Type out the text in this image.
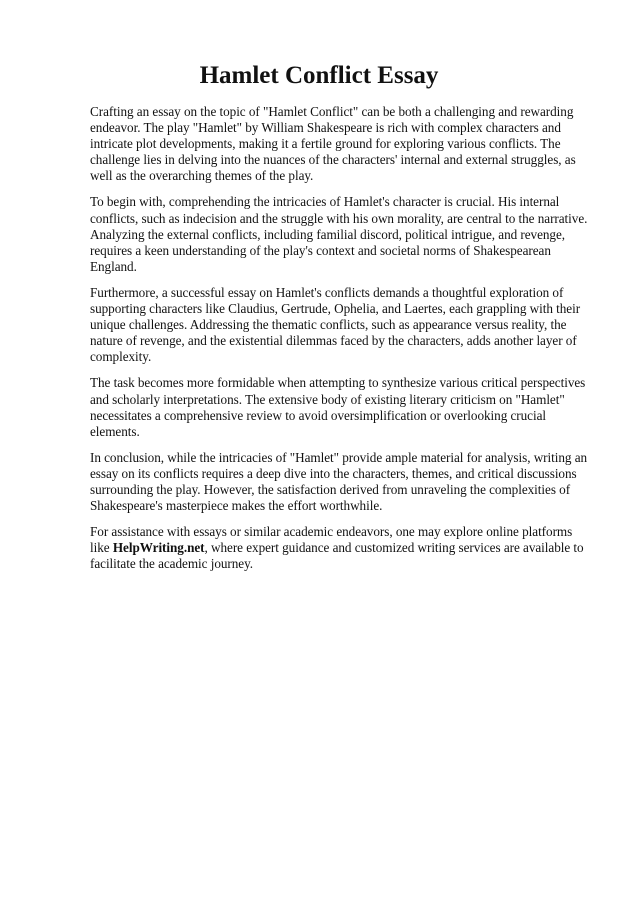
Hamlet Conflict Essay

Crafting an essay on the topic of "Hamlet Conflict" can be both a challenging and rewarding endeavor. The play "Hamlet" by William Shakespeare is rich with complex characters and intricate plot developments, making it a fertile ground for exploring various conflicts. The challenge lies in delving into the nuances of the characters' internal and external struggles, as well as the overarching themes of the play.

To begin with, comprehending the intricacies of Hamlet's character is crucial. His internal conflicts, such as indecision and the struggle with his own morality, are central to the narrative. Analyzing the external conflicts, including familial discord, political intrigue, and revenge, requires a keen understanding of the play's context and societal norms of Shakespearean England.

Furthermore, a successful essay on Hamlet's conflicts demands a thoughtful exploration of supporting characters like Claudius, Gertrude, Ophelia, and Laertes, each grappling with their unique challenges. Addressing the thematic conflicts, such as appearance versus reality, the nature of revenge, and the existential dilemmas faced by the characters, adds another layer of complexity.

The task becomes more formidable when attempting to synthesize various critical perspectives and scholarly interpretations. The extensive body of existing literary criticism on "Hamlet" necessitates a comprehensive review to avoid oversimplification or overlooking crucial elements.

In conclusion, while the intricacies of "Hamlet" provide ample material for analysis, writing an essay on its conflicts requires a deep dive into the characters, themes, and critical discussions surrounding the play. However, the satisfaction derived from unraveling the complexities of Shakespeare's masterpiece makes the effort worthwhile.

For assistance with essays or similar academic endeavors, one may explore online platforms like HelpWriting.net, where expert guidance and customized writing services are available to facilitate the academic journey.
